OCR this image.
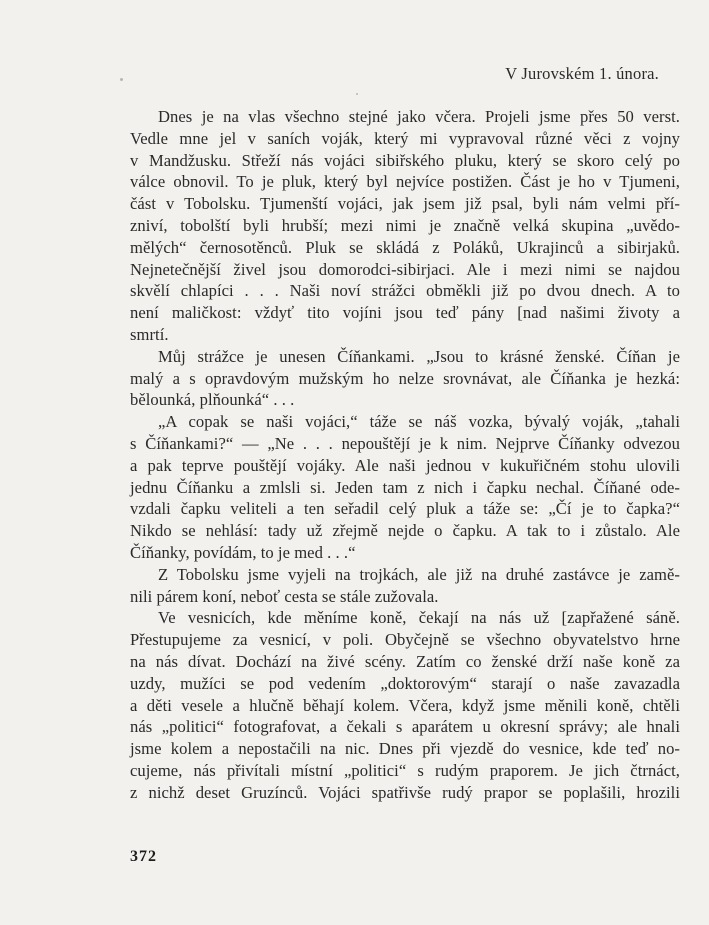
V Jurovském 1. února.
Dnes je na vlas všechno stejné jako včera. Projeli jsme přes 50 verst.
Vedle mne jel v saních voják, který mi vypravoval různé věci z vojny
v Mandžusku. Střeží nás vojáci sibiřského pluku, který se skoro celý po
válce obnovil. To je pluk, který byl nejvíce postižen. Část je ho v Tjumeni,
část v Tobolsku. Tjumenští vojáci, jak jsem již psal, byli nám velmi pří-
zniví, tobolští byli hrubší; mezi nimi je značně velká skupina „uvědo-
mělých“ černosotěnců. Pluk se skládá z Poláků, Ukrajinců a sibirjaků.
Nejnetečnější živel jsou domorodci-sibirjaci. Ale i mezi nimi se najdou
skvělí chlapíci . . . Naši noví strážci obměkli již po dvou dnech. A to
není maličkost: vždyť tito vojíni jsou teď pány [nad našimi životy a
smrtí.
Můj strážce je unesen Číňankami. „Jsou to krásné ženské. Číňan je
malý a s opravdovým mužským ho nelze srovnávat, ale Číňanka je hezká:
bělounká, plňounká“ . . .
„A copak se naši vojáci,“ táže se náš vozka, bývalý voják, „tahali
s Číňankami?“ — „Ne . . . nepouštějí je k nim. Nejprve Číňanky odvezou
a pak teprve pouštějí vojáky. Ale naši jednou v kukuřičném stohu ulovili
jednu Číňanku a zmlsli si. Jeden tam z nich i čapku nechal. Číňané ode-
vzdali čapku veliteli a ten seřadil celý pluk a táže se: „Čí je to čapka?“
Nikdo se nehlásí: tady už zřejmě nejde o čapku. A tak to i zůstalo. Ale
Číňanky, povídám, to je med . . .“
Z Tobolsku jsme vyjeli na trojkách, ale již na druhé zastávce je zamě-
nili párem koní, neboť cesta se stále zužovala.
Ve vesnicích, kde měníme koně, čekají na nás už [zapřažené sáně.
Přestupujeme za vesnicí, v poli. Obyčejně se všechno obyvatelstvo hrne
na nás dívat. Dochází na živé scény. Zatím co ženské drží naše koně za
uzdy, mužíci se pod vedením „doktorovým“ starají o naše zavazadla
a děti vesele a hlučně běhají kolem. Včera, když jsme měnili koně, chtěli
nás „politici“ fotografovat, a čekali s aparátem u okresní správy; ale hnali
jsme kolem a nepostačili na nic. Dnes při vjezdě do vesnice, kde teď no-
cujeme, nás přivítali místní „politici“ s rudým praporem. Je jich čtrnáct,
z nichž deset Gruzínců. Vojáci spatřivše rudý prapor se poplašili, hrozili
372
